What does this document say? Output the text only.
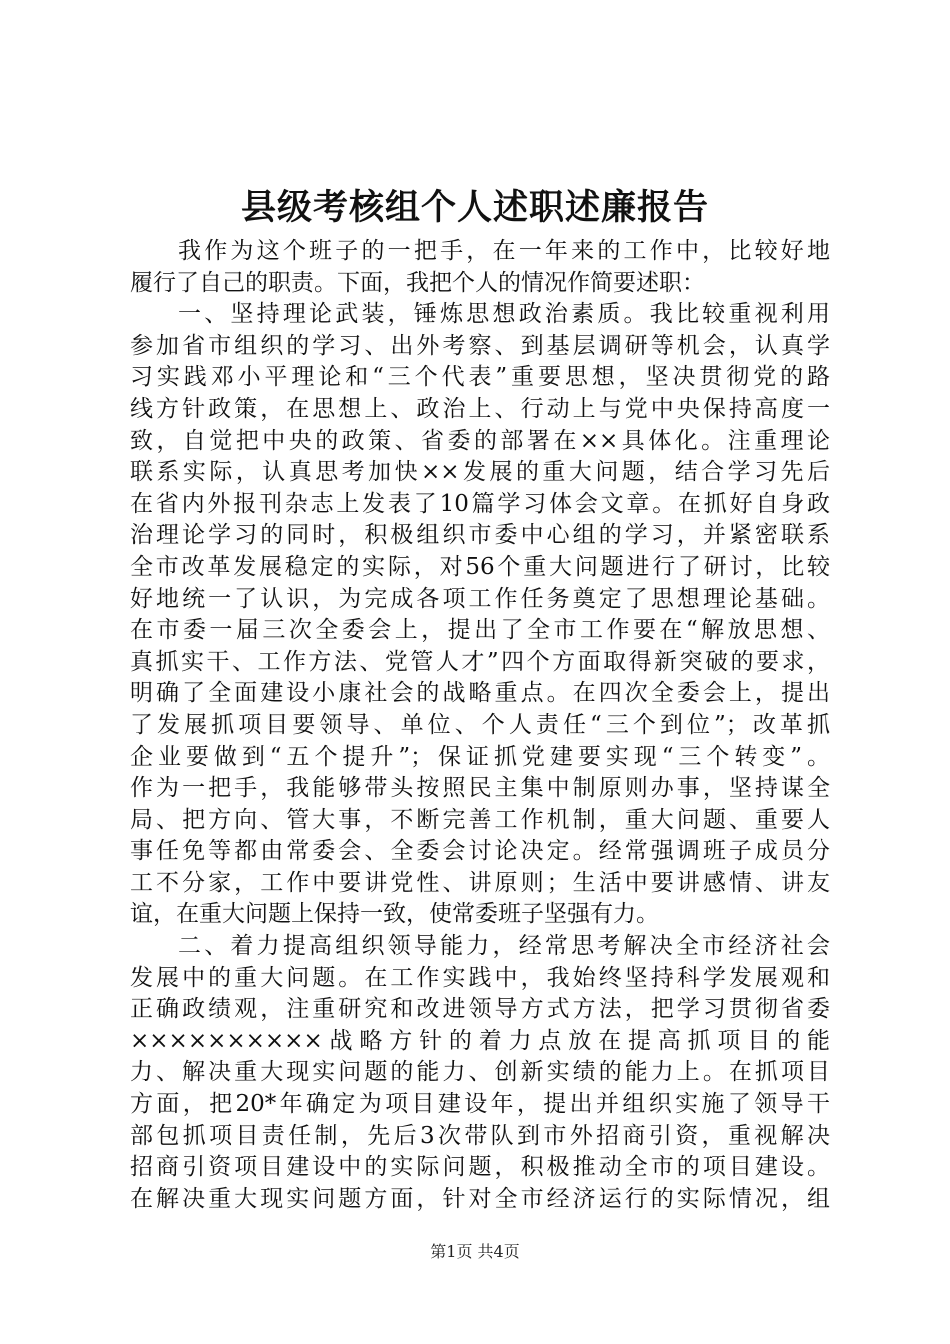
县级考核组个人述职述廉报告

我作为这个班子的一把手，在一年来的工作中，比较好地
履行了自己的职责。下面，我把个人的情况作简要述职：

一、坚持理论武装，锤炼思想政治素质。我比较重视利用
参加省市组织的学习、出外考察、到基层调研等机会，认真学
习实践邓小平理论和“三个代表”重要思想，坚决贯彻党的路
线方针政策，在思想上、政治上、行动上与党中央保持高度一
致，自觉把中央的政策、省委的部署在××具体化。注重理论
联系实际，认真思考加快××发展的重大问题，结合学习先后
在省内外报刊杂志上发表了10篇学习体会文章。在抓好自身政
治理论学习的同时，积极组织市委中心组的学习，并紧密联系
全市改革发展稳定的实际，对56个重大问题进行了研讨，比较
好地统一了认识，为完成各项工作任务奠定了思想理论基础。
在市委一届三次全委会上，提出了全市工作要在“解放思想、
真抓实干、工作方法、党管人才”四个方面取得新突破的要求，
明确了全面建设小康社会的战略重点。在四次全委会上，提出
了发展抓项目要领导、单位、个人责任“三个到位”；改革抓
企业要做到“五个提升”；保证抓党建要实现“三个转变”。
作为一把手，我能够带头按照民主集中制原则办事，坚持谋全
局、把方向、管大事，不断完善工作机制，重大问题、重要人
事任免等都由常委会、全委会讨论决定。经常强调班子成员分
工不分家，工作中要讲党性、讲原则；生活中要讲感情、讲友
谊，在重大问题上保持一致，使常委班子坚强有力。

二、着力提高组织领导能力，经常思考解决全市经济社会
发展中的重大问题。在工作实践中，我始终坚持科学发展观和
正确政绩观，注重研究和改进领导方式方法，把学习贯彻省委
××××××××××战略方针的着力点放在提高抓项目的能
力、解决重大现实问题的能力、创新实绩的能力上。在抓项目
方面，把20*年确定为项目建设年，提出并组织实施了领导干
部包抓项目责任制，先后3次带队到市外招商引资，重视解决
招商引资项目建设中的实际问题，积极推动全市的项目建设。
在解决重大现实问题方面，针对全市经济运行的实际情况，组

第1页 共4页
